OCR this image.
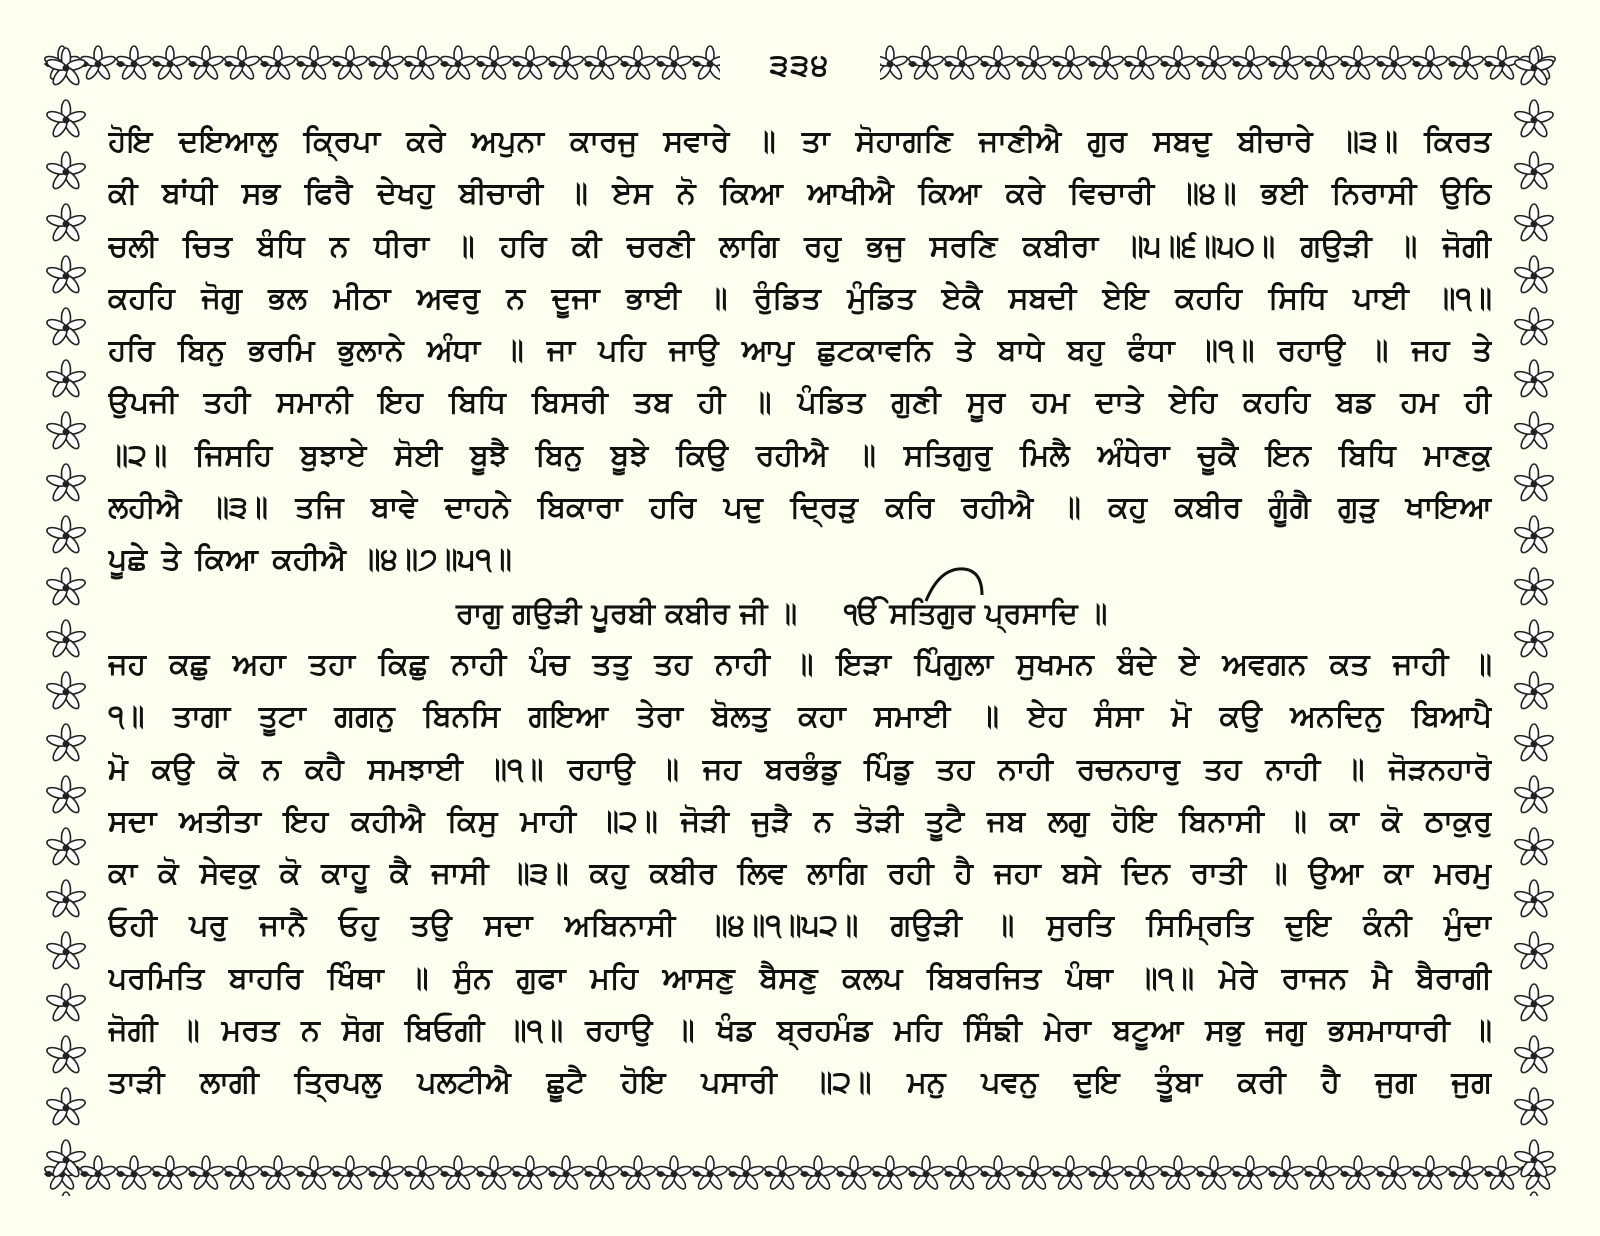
੩੩੪
ਹੋਇ ਦਇਆਲੁ ਕ੍ਰਿਪਾ ਕਰੇ ਅਪੁਨਾ ਕਾਰਜੁ ਸਵਾਰੇ ॥ ਤਾ ਸੋਹਾਗਣਿ ਜਾਣੀਐ ਗੁਰ ਸਬਦੁ ਬੀਚਾਰੇ ॥੩॥ ਕਿਰਤ
ਕੀ ਬਾਂਧੀ ਸਭ ਫਿਰੈ ਦੇਖਹੁ ਬੀਚਾਰੀ ॥ ਏਸ ਨੋ ਕਿਆ ਆਖੀਐ ਕਿਆ ਕਰੇ ਵਿਚਾਰੀ ॥੪॥ ਭਈ ਨਿਰਾਸੀ ਉਠਿ
ਚਲੀ ਚਿਤ ਬੰਧਿ ਨ ਧੀਰਾ ॥ ਹਰਿ ਕੀ ਚਰਣੀ ਲਾਗਿ ਰਹੁ ਭਜੁ ਸਰਣਿ ਕਬੀਰਾ ॥੫॥੬॥੫੦॥ ਗਉੜੀ ॥ ਜੋਗੀ
ਕਹਹਿ ਜੋਗੁ ਭਲ ਮੀਠਾ ਅਵਰੁ ਨ ਦੂਜਾ ਭਾਈ ॥ ਰੁੰਡਿਤ ਮੁੰਡਿਤ ਏਕੈ ਸਬਦੀ ਏਇ ਕਹਹਿ ਸਿਧਿ ਪਾਈ ॥੧॥
ਹਰਿ ਬਿਨੁ ਭਰਮਿ ਭੁਲਾਨੇ ਅੰਧਾ ॥ ਜਾ ਪਹਿ ਜਾਉ ਆਪੁ ਛੁਟਕਾਵਨਿ ਤੇ ਬਾਧੇ ਬਹੁ ਫੰਧਾ ॥੧॥ ਰਹਾਉ ॥ ਜਹ ਤੇ
ਉਪਜੀ ਤਹੀ ਸਮਾਨੀ ਇਹ ਬਿਧਿ ਬਿਸਰੀ ਤਬ ਹੀ ॥ ਪੰਡਿਤ ਗੁਣੀ ਸੂਰ ਹਮ ਦਾਤੇ ਏਹਿ ਕਹਹਿ ਬਡ ਹਮ ਹੀ
॥੨॥ ਜਿਸਹਿ ਬੁਝਾਏ ਸੋਈ ਬੂਝੈ ਬਿਨੁ ਬੂਝੇ ਕਿਉ ਰਹੀਐ ॥ ਸਤਿਗੁਰੁ ਮਿਲੈ ਅੰਧੇਰਾ ਚੂਕੈ ਇਨ ਬਿਧਿ ਮਾਣਕੁ
ਲਹੀਐ ॥੩॥ ਤਜਿ ਬਾਵੇ ਦਾਹਨੇ ਬਿਕਾਰਾ ਹਰਿ ਪਦੁ ਦ੍ਰਿੜੁ ਕਰਿ ਰਹੀਐ ॥ ਕਹੁ ਕਬੀਰ ਗੂੰਗੈ ਗੁੜੁ ਖਾਇਆ
ਪੂਛੇ ਤੇ ਕਿਆ ਕਹੀਐ ॥੪॥੭॥੫੧॥
ਰਾਗੁ ਗਉੜੀ ਪੂਰਬੀ ਕਬੀਰ ਜੀ ॥ ੴ ਸਤਿਗੁਰ ਪ੍ਰਸਾਦਿ ॥
ਜਹ ਕਛੁ ਅਹਾ ਤਹਾ ਕਿਛੁ ਨਾਹੀ ਪੰਚ ਤਤੁ ਤਹ ਨਾਹੀ ॥ ਇੜਾ ਪਿੰਗੁਲਾ ਸੁਖਮਨ ਬੰਦੇ ਏ ਅਵਗਨ ਕਤ ਜਾਹੀ ॥
੧॥ ਤਾਗਾ ਤੂਟਾ ਗਗਨੁ ਬਿਨਸਿ ਗਇਆ ਤੇਰਾ ਬੋਲਤੁ ਕਹਾ ਸਮਾਈ ॥ ਏਹ ਸੰਸਾ ਮੋ ਕਉ ਅਨਦਿਨੁ ਬਿਆਪੈ
ਮੋ ਕਉ ਕੋ ਨ ਕਹੈ ਸਮਝਾਈ ॥੧॥ ਰਹਾਉ ॥ ਜਹ ਬਰਭੰਡੁ ਪਿੰਡੁ ਤਹ ਨਾਹੀ ਰਚਨਹਾਰੁ ਤਹ ਨਾਹੀ ॥ ਜੋੜਨਹਾਰੋ
ਸਦਾ ਅਤੀਤਾ ਇਹ ਕਹੀਐ ਕਿਸੁ ਮਾਹੀ ॥੨॥ ਜੋੜੀ ਜੁੜੈ ਨ ਤੋੜੀ ਤੂਟੈ ਜਬ ਲਗੁ ਹੋਇ ਬਿਨਾਸੀ ॥ ਕਾ ਕੋ ਠਾਕੁਰੁ
ਕਾ ਕੋ ਸੇਵਕੁ ਕੋ ਕਾਹੂ ਕੈ ਜਾਸੀ ॥੩॥ ਕਹੁ ਕਬੀਰ ਲਿਵ ਲਾਗਿ ਰਹੀ ਹੈ ਜਹਾ ਬਸੇ ਦਿਨ ਰਾਤੀ ॥ ਉਆ ਕਾ ਮਰਮੁ
ਓਹੀ ਪਰੁ ਜਾਨੈ ਓਹੁ ਤਉ ਸਦਾ ਅਬਿਨਾਸੀ ॥੪॥੧॥੫੨॥ ਗਉੜੀ ॥ ਸੁਰਤਿ ਸਿਮ੍ਰਿਤਿ ਦੁਇ ਕੰਨੀ ਮੁੰਦਾ
ਪਰਮਿਤਿ ਬਾਹਰਿ ਖਿੰਥਾ ॥ ਸੁੰਨ ਗੁਫਾ ਮਹਿ ਆਸਣੁ ਬੈਸਣੁ ਕਲਪ ਬਿਬਰਜਿਤ ਪੰਥਾ ॥੧॥ ਮੇਰੇ ਰਾਜਨ ਮੈ ਬੈਰਾਗੀ
ਜੋਗੀ ॥ ਮਰਤ ਨ ਸੋਗ ਬਿਓਗੀ ॥੧॥ ਰਹਾਉ ॥ ਖੰਡ ਬ੍ਰਹਮੰਡ ਮਹਿ ਸਿੰਙੀ ਮੇਰਾ ਬਟੂਆ ਸਭੁ ਜਗੁ ਭਸਮਾਧਾਰੀ ॥
ਤਾੜੀ ਲਾਗੀ ਤ੍ਰਿਪਲੁ ਪਲਟੀਐ ਛੂਟੈ ਹੋਇ ਪਸਾਰੀ ॥੨॥ ਮਨੁ ਪਵਨੁ ਦੁਇ ਤੂੰਬਾ ਕਰੀ ਹੈ ਜੁਗ ਜੁਗ
